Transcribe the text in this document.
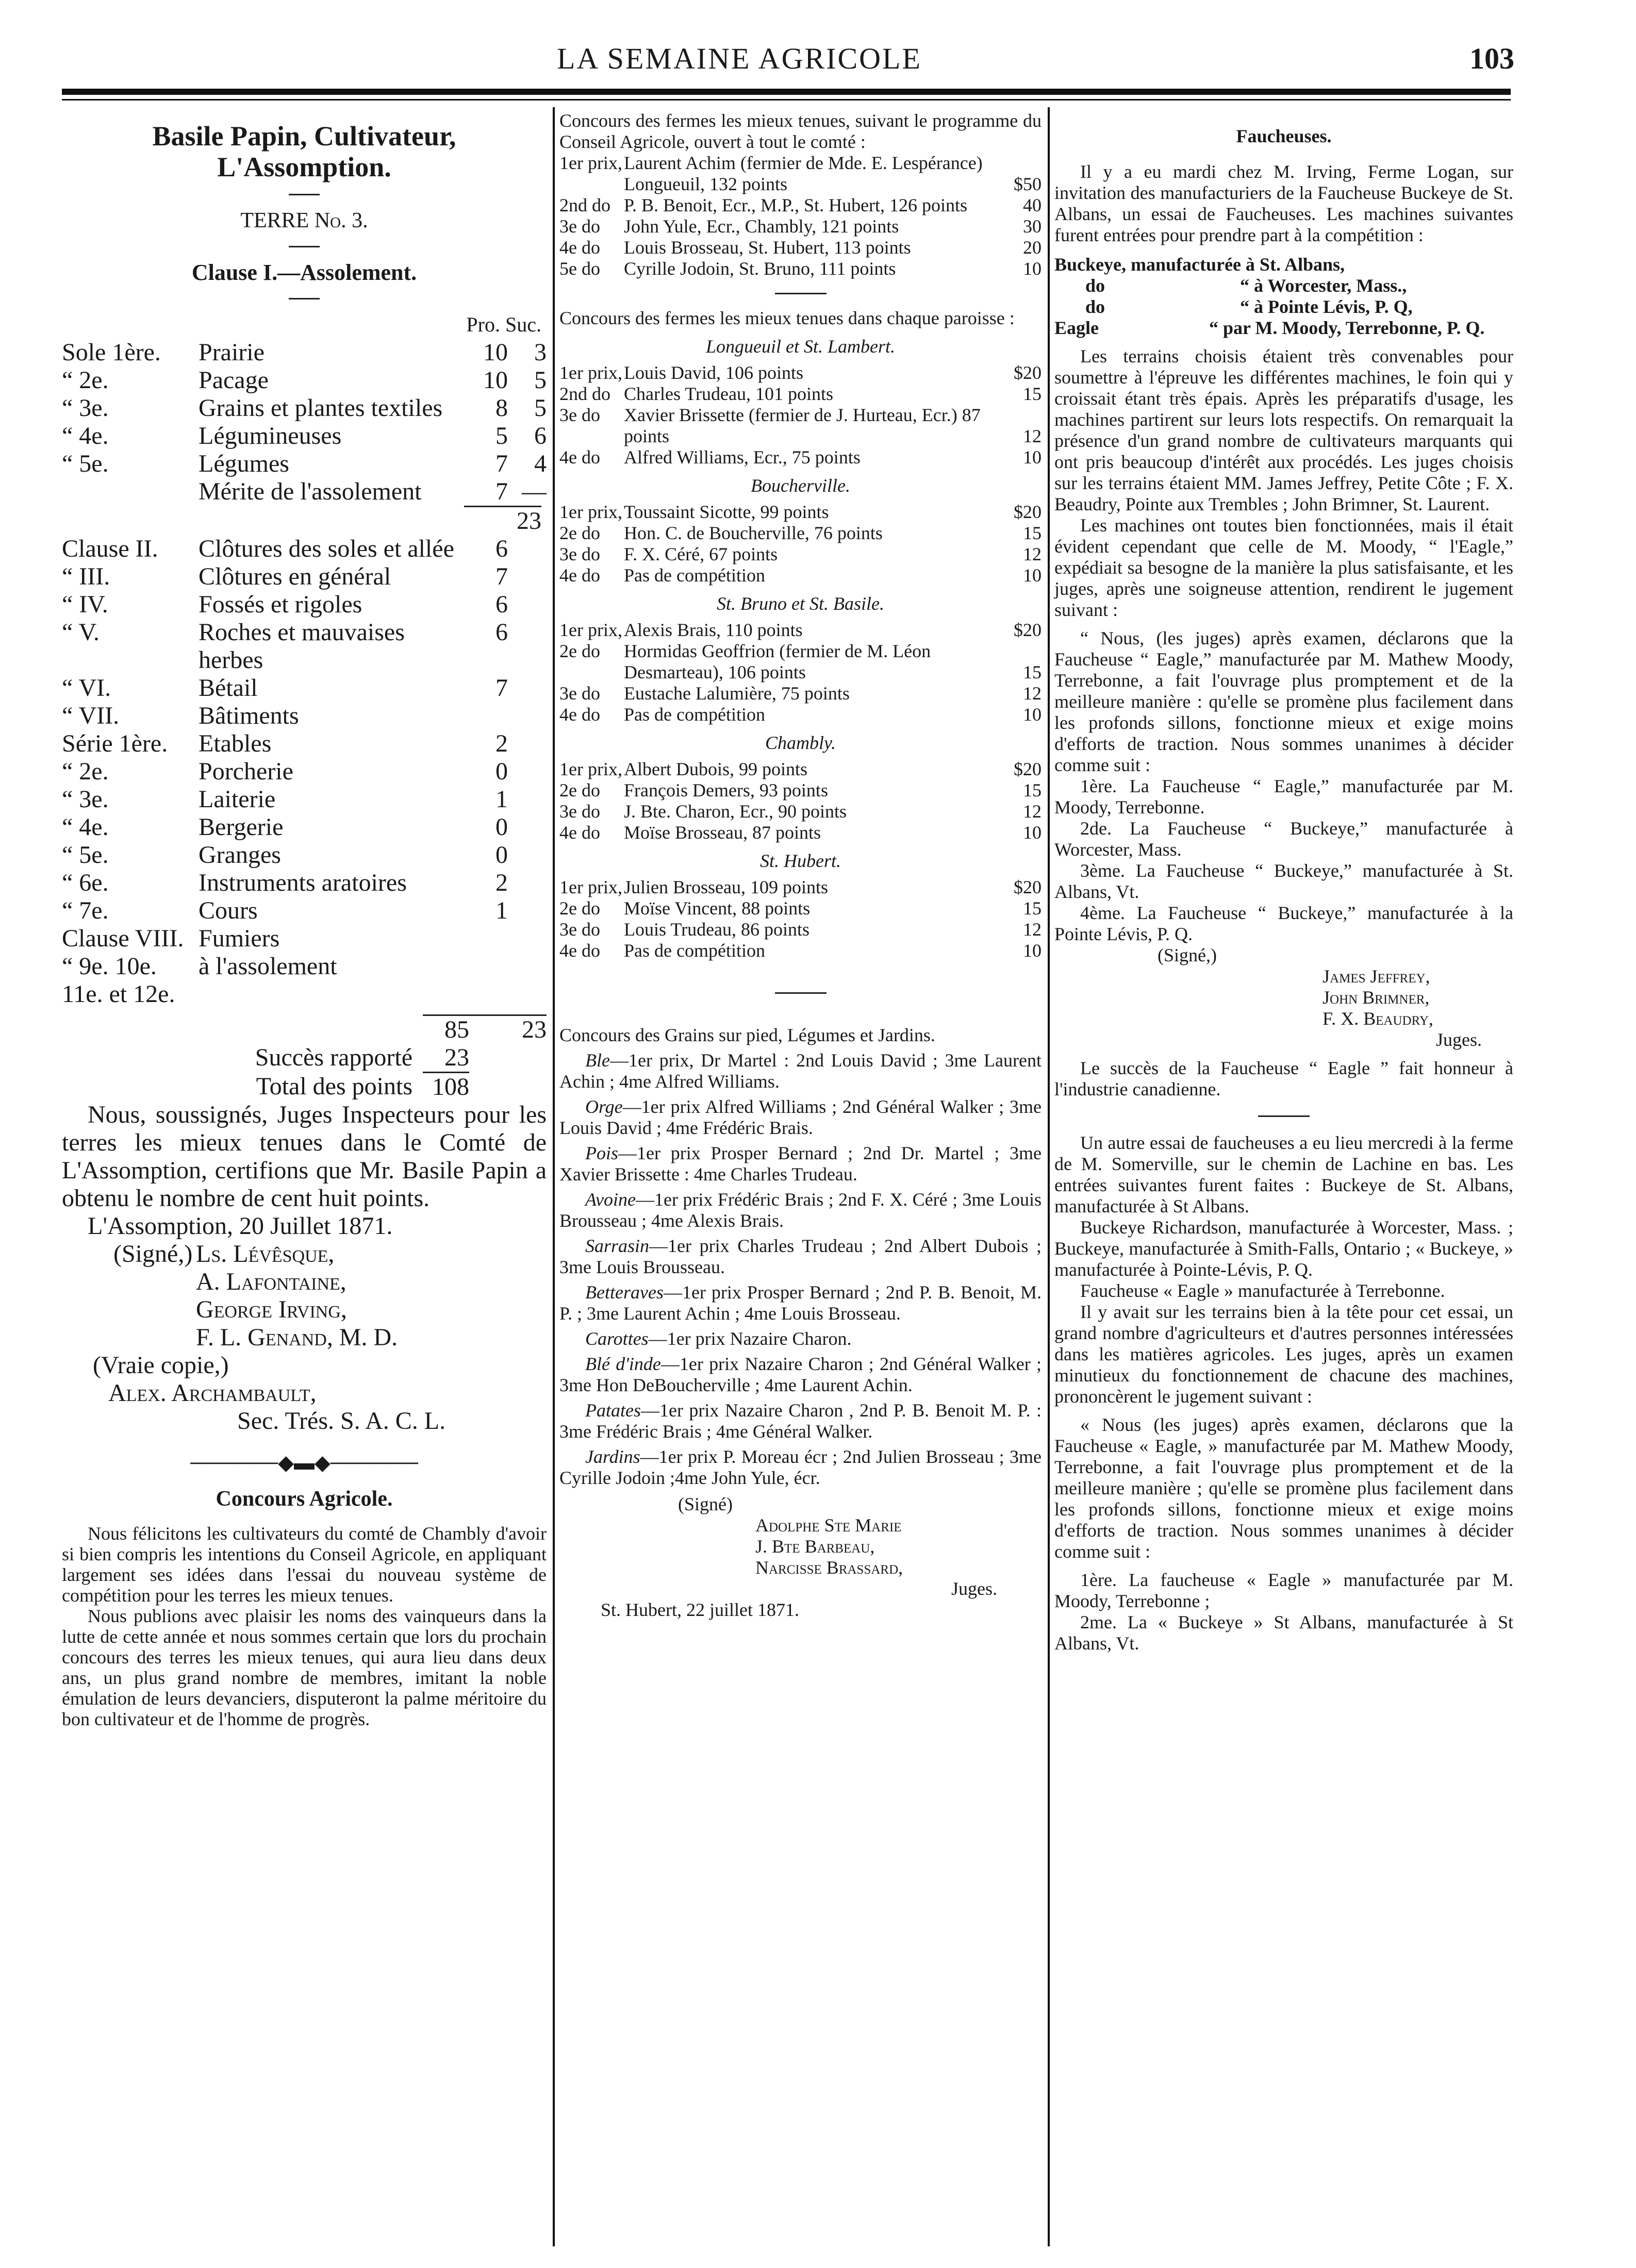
LA SEMAINE AGRICOLE	103

Basile Papin, Cultivateur, L'Assomption.

TERRE No. 3.

Clause I.—Assolement.

Pro. Suc.

Sole 1ère.	Prairie	10	3
“ 2e.	Pacage	10	5
“ 3e.	Grains et plantes textiles	8	5
“ 4e.	Légumineuses	5	6
“ 5e.	Légumes	7	4
	Mérite de l'assolement	7	—

23

Clause II.	Clôtures des soles et allée	6	
“ III.	Clôtures en général	7	
“ IV.	Fossés et rigoles	6	
“ V.	Roches et mauvaises herbes	6	
“ VI.	Bétail	7	
“ VII.	Bâtiments		
Série 1ère.	Etables	2	
“ 2e.	Porcherie	0	
“ 3e.	Laiterie	1	
“ 4e.	Bergerie	0	
“ 5e.	Granges	0	
“ 6e.	Instruments aratoires	2	
“ 7e.	Cours	1	
Clause VIII.	Fumiers		
“ 9e. 10e. 11e. et 12e.	à l'assolement		
	85	23
Succès rapporté	23	
Total des points	108	

Nous, soussignés, Juges Inspecteurs pour les terres les mieux tenues dans le Comté de L'Assomption, certifions que Mr. Basile Papin a obtenu le nombre de cent huit points.

L'Assomption, 20 Juillet 1871.

(Signé,) Ls. Lévêsque,
A. Lafontaine,
George Irving,
F. L. Genand, M. D.

(Vraie copie,)

Alex. Archambault,

Sec. Trés. S. A. C. L.

──────◆▬◆──────

Concours Agricole.

Nous félicitons les cultivateurs du comté de Chambly d'avoir si bien compris les intentions du Conseil Agricole, en appliquant largement ses idées dans l'essai du nouveau système de compétition pour les terres les mieux tenues.

Nous publions avec plaisir les noms des vainqueurs dans la lutte de cette année et nous sommes certain que lors du prochain concours des terres les mieux tenues, qui aura lieu dans deux ans, un plus grand nombre de membres, imitant la noble émulation de leurs devanciers, disputeront la palme méritoire du bon cultivateur et de l'homme de progrès.

Concours des fermes les mieux tenues, suivant le programme du Conseil Agricole, ouvert à tout le comté :

1er prix,	Laurent Achim (fermier de Mde. E. Lespérance) Longueuil, 132 points	$50
2nd do	P. B. Benoit, Ecr., M.P., St. Hubert, 126 points	40
3e do	John Yule, Ecr., Chambly, 121 points	30
4e do	Louis Brosseau, St. Hubert, 113 points	20
5e do	Cyrille Jodoin, St. Bruno, 111 points	10

Concours des fermes les mieux tenues dans chaque paroisse :

Longueuil et St. Lambert.
1er prix,	Louis David, 106 points	$20
2nd do	Charles Trudeau, 101 points	15
3e do	Xavier Brissette (fermier de J. Hurteau, Ecr.) 87 points	12
4e do	Alfred Williams, Ecr., 75 points	10
Boucherville.
1er prix,	Toussaint Sicotte, 99 points	$20
2e do	Hon. C. de Boucherville, 76 points	15
3e do	F. X. Céré, 67 points	12
4e do	Pas de compétition	10
St. Bruno et St. Basile.
1er prix,	Alexis Brais, 110 points	$20
2e do	Hormidas Geoffrion (fermier de M. Léon Desmarteau), 106 points	15
3e do	Eustache Lalumière, 75 points	12
4e do	Pas de compétition	10
Chambly.
1er prix,	Albert Dubois, 99 points	$20
2e do	François Demers, 93 points	15
3e do	J. Bte. Charon, Ecr., 90 points	12
4e do	Moïse Brosseau, 87 points	10
St. Hubert.
1er prix,	Julien Brosseau, 109 points	$20
2e do	Moïse Vincent, 88 points	15
3e do	Louis Trudeau, 86 points	12
4e do	Pas de compétition	10

Concours des Grains sur pied, Légumes et Jardins.

Ble—1er prix, Dr Martel : 2nd Louis David ; 3me Laurent Achin ; 4me Alfred Williams.
Orge—1er prix Alfred Williams ; 2nd Général Walker ; 3me Louis David ; 4me Frédéric Brais.
Pois—1er prix Prosper Bernard ; 2nd Dr. Martel ; 3me Xavier Brissette : 4me Charles Trudeau.
Avoine—1er prix Frédéric Brais ; 2nd F. X. Céré ; 3me Louis Brousseau ; 4me Alexis Brais.
Sarrasin—1er prix Charles Trudeau ; 2nd Albert Dubois ; 3me Louis Brousseau.
Betteraves—1er prix Prosper Bernard ; 2nd P. B. Benoit, M. P. ; 3me Laurent Achin ; 4me Louis Brosseau.
Carottes—1er prix Nazaire Charon.
Blé d'inde—1er prix Nazaire Charon ; 2nd Général Walker ; 3me Hon DeBoucherville ; 4me Laurent Achin.
Patates—1er prix Nazaire Charon , 2nd P. B. Benoit M. P. : 3me Frédéric Brais ; 4me Général Walker.
Jardins—1er prix P. Moreau écr ; 2nd Julien Brosseau ; 3me Cyrille Jodoin ;4me John Yule, écr.

(Signé)

Adolphe Ste Marie
J. Bte Barbeau,
Narcisse Brassard,

Juges.

St. Hubert, 22 juillet 1871.

Faucheuses.

Il y a eu mardi chez M. Irving, Ferme Logan, sur invitation des manufacturiers de la Faucheuse Buckeye de St. Albans, un essai de Faucheuses. Les machines suivantes furent entrées pour prendre part à la compétition :

Buckeye, manufacturée à St. Albans,
do	“ à Worcester, Mass.,
do	“ à Pointe Lévis, P. Q,
Eagle	“ par M. Moody, Terrebonne, P. Q.

Les terrains choisis étaient très convenables pour soumettre à l'épreuve les différentes machines, le foin qui y croissait étant très épais. Après les préparatifs d'usage, les machines partirent sur leurs lots respectifs. On remarquait la présence d'un grand nombre de cultivateurs marquants qui ont pris beaucoup d'intérêt aux procédés. Les juges choisis sur les terrains étaient MM. James Jeffrey, Petite Côte ; F. X. Beaudry, Pointe aux Trembles ; John Brimner, St. Laurent.

Les machines ont toutes bien fonctionnées, mais il était évident cependant que celle de M. Moody, “ l'Eagle,” expédiait sa besogne de la manière la plus satisfaisante, et les juges, après une soigneuse attention, rendirent le jugement suivant :

“ Nous, (les juges) après examen, déclarons que la Faucheuse “ Eagle,” manufacturée par M. Mathew Moody, Terrebonne, a fait l'ouvrage plus promptement et de la meilleure manière : qu'elle se promène plus facilement dans les profonds sillons, fonctionne mieux et exige moins d'efforts de traction. Nous sommes unanimes à décider comme suit :

1ère. La Faucheuse “ Eagle,” manufacturée par M. Moody, Terrebonne.

2de. La Faucheuse “ Buckeye,” manufacturée à Worcester, Mass.

3ème. La Faucheuse “ Buckeye,” manufacturée à St. Albans, Vt.

4ème. La Faucheuse “ Buckeye,” manufacturée à la Pointe Lévis, P. Q.

(Signé,)

James Jeffrey,
John Brimner,
F. X. Beaudry,

Juges.

Le succès de la Faucheuse “ Eagle ” fait honneur à l'industrie canadienne.

Un autre essai de faucheuses a eu lieu mercredi à la ferme de M. Somerville, sur le chemin de Lachine en bas. Les entrées suivantes furent faites : Buckeye de St. Albans, manufacturée à St Albans.

Buckeye Richardson, manufacturée à Worcester, Mass. ; Buckeye, manufacturée à Smith-Falls, Ontario ; « Buckeye, » manufacturée à Pointe-Lévis, P. Q.

Faucheuse « Eagle » manufacturée à Terrebonne.

Il y avait sur les terrains bien à la tête pour cet essai, un grand nombre d'agriculteurs et d'autres personnes intéressées dans les matières agricoles. Les juges, après un examen minutieux du fonctionnement de chacune des machines, prononcèrent le jugement suivant :

« Nous (les juges) après examen, déclarons que la Faucheuse « Eagle, » manufacturée par M. Mathew Moody, Terrebonne, a fait l'ouvrage plus promptement et de la meilleure manière ; qu'elle se promène plus facilement dans les profonds sillons, fonctionne mieux et exige moins d'efforts de traction. Nous sommes unanimes à décider comme suit :

1ère. La faucheuse « Eagle » manufacturée par M. Moody, Terrebonne ;

2me. La « Buckeye » St Albans, manufacturée à St Albans, Vt.
